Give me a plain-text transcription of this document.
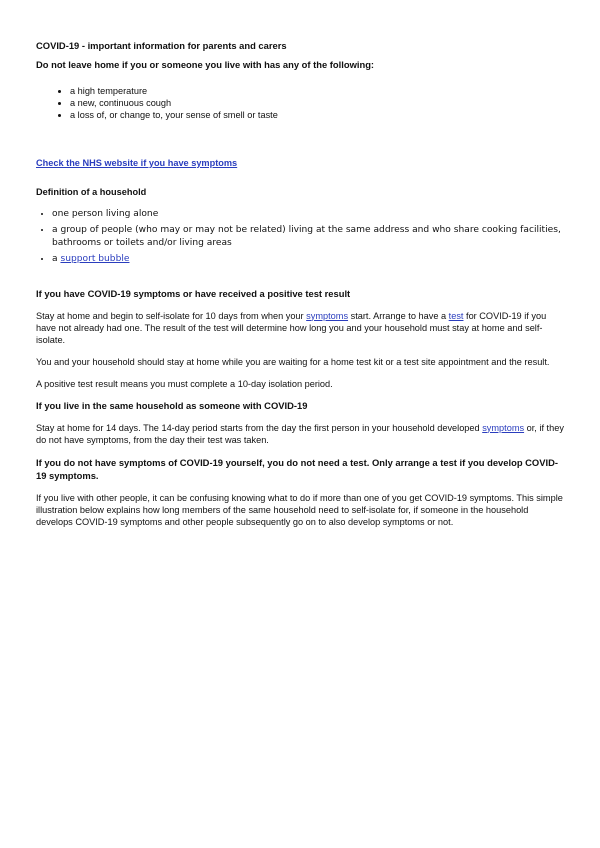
COVID-19 - important information for parents and carers
Do not leave home if you or someone you live with has any of the following:
• a high temperature
• a new, continuous cough
• a loss of, or change to, your sense of smell or taste
Check the NHS website if you have symptoms
Definition of a household
• one person living alone
• a group of people (who may or may not be related) living at the same address and who share cooking facilities, bathrooms or toilets and/or living areas
• a support bubble
If you have COVID-19 symptoms or have received a positive test result

Stay at home and begin to self-isolate for 10 days from when your symptoms start. Arrange to have a test for COVID-19 if you have not already had one. The result of the test will determine how long you and your household must stay at home and self-isolate.

You and your household should stay at home while you are waiting for a home test kit or a test site appointment and the result.

A positive test result means you must complete a 10-day isolation period.

If you live in the same household as someone with COVID-19

Stay at home for 14 days. The 14-day period starts from the day the first person in your household developed symptoms or, if they do not have symptoms, from the day their test was taken.

If you do not have symptoms of COVID-19 yourself, you do not need a test. Only arrange a test if you develop COVID-19 symptoms.

If you live with other people, it can be confusing knowing what to do if more than one of you get COVID-19 symptoms. This simple illustration below explains how long members of the same household need to self-isolate for, if someone in the household develops COVID-19 symptoms and other people subsequently go on to also develop symptoms or not.
